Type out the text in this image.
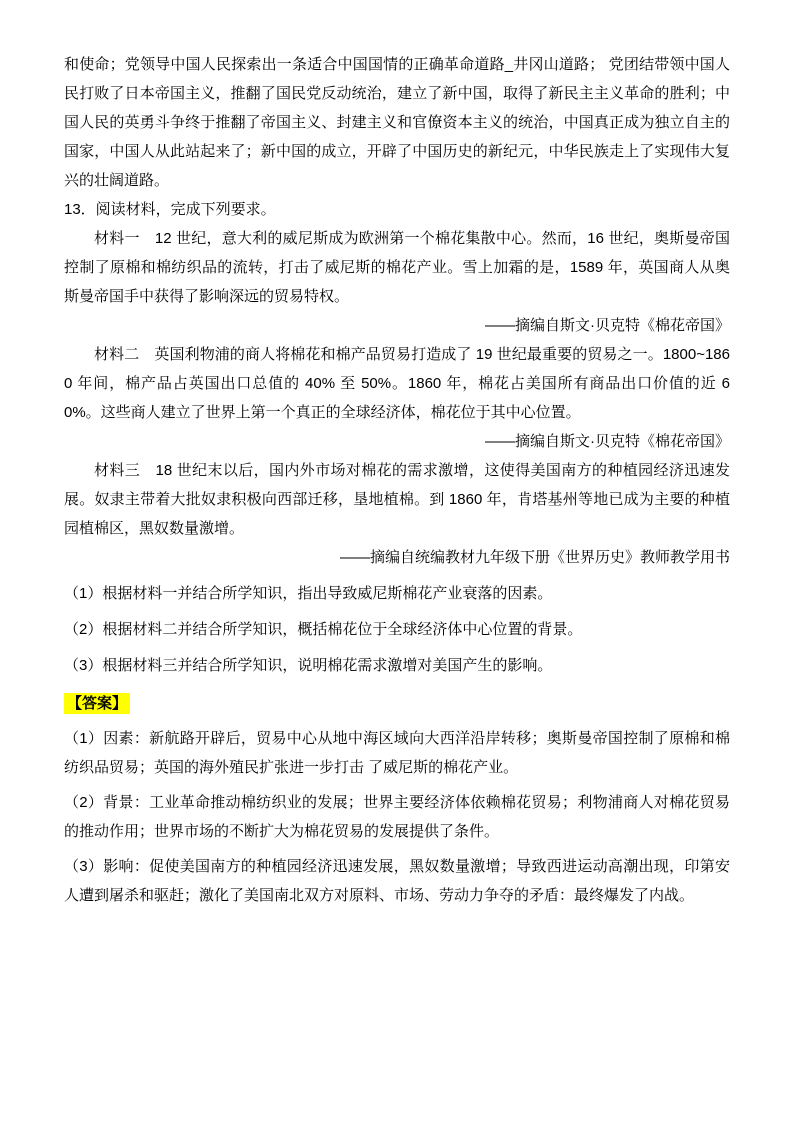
和使命；党领导中国人民探索出一条适合中国国情的正确革命道路_井冈山道路； 党团结带领中国人民打败了日本帝国主义，推翻了国民党反动统治，建立了新中国，取得了新民主主义革命的胜利；中国人民的英勇斗争终于推翻了帝国主义、封建主义和官僚资本主义的统治，中国真正成为独立自主的国家，中国人从此站起来了；新中国的成立，开辟了中国历史的新纪元，中华民族走上了实现伟大复兴的壮阔道路。

13．阅读材料，完成下列要求。

材料一　12 世纪，意大利的威尼斯成为欧洲第一个棉花集散中心。然而，16 世纪，奥斯曼帝国控制了原棉和棉纺织品的流转，打击了威尼斯的棉花产业。雪上加霜的是，1589 年，英国商人从奥斯曼帝国手中获得了影响深远的贸易特权。

——摘编自斯文·贝克特《棉花帝国》

材料二　英国利物浦的商人将棉花和棉产品贸易打造成了 19 世纪最重要的贸易之一。1800~1860 年间，棉产品占英国出口总值的 40% 至 50%。1860 年，棉花占美国所有商品出口价值的近 60%。这些商人建立了世界上第一个真正的全球经济体，棉花位于其中心位置。

——摘编自斯文·贝克特《棉花帝国》

材料三　18 世纪末以后，国内外市场对棉花的需求激增，这使得美国南方的种植园经济迅速发展。奴隶主带着大批奴隶积极向西部迁移，垦地植棉。到 1860 年，肯塔基州等地已成为主要的种植园植棉区，黑奴数量激增。

——摘编自统编教材九年级下册《世界历史》教师教学用书

（1）根据材料一并结合所学知识，指出导致威尼斯棉花产业衰落的因素。

（2）根据材料二并结合所学知识，概括棉花位于全球经济体中心位置的背景。

（3）根据材料三并结合所学知识，说明棉花需求激增对美国产生的影响。

【答案】

（1）因素：新航路开辟后，贸易中心从地中海区域向大西洋沿岸转移；奥斯曼帝国控制了原棉和棉纺织品贸易；英国的海外殖民扩张进一步打击 了威尼斯的棉花产业。

（2）背景：工业革命推动棉纺织业的发展；世界主要经济体依赖棉花贸易；利物浦商人对棉花贸易的推动作用；世界市场的不断扩大为棉花贸易的发展提供了条件。

（3）影响：促使美国南方的种植园经济迅速发展，黑奴数量激增；导致西进运动高潮出现，印第安人遭到屠杀和驱赶；激化了美国南北双方对原料、市场、劳动力争夺的矛盾：最终爆发了内战。
